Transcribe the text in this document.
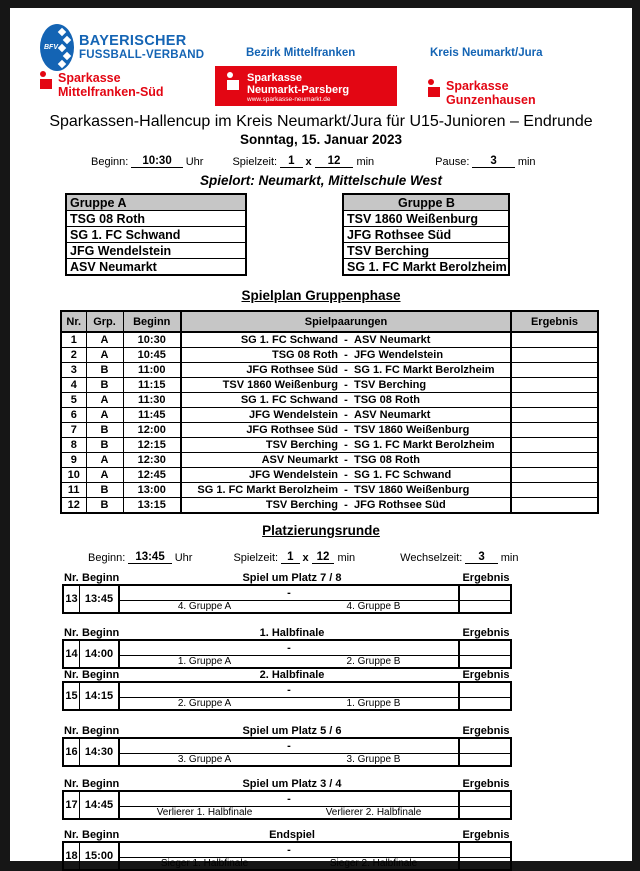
BFV BAYERISCHER
FUSSBALL-VERBAND	Bezirk Mittelfranken	Kreis Neumarkt/Jura
Sparkasse
Mittelfranken-Süd
Sparkasse
Neumarkt-Parsberg
www.sparkasse-neumarkt.de
Sparkasse
Gunzenhausen
Sparkassen-Hallencup im Kreis Neumarkt/Jura für U15-Junioren – Endrunde
Sonntag, 15. Januar 2023
Beginn:	10:30	Uhr	Spielzeit: 1	x	12	min	Pause:	3	min
Spielort: Neumarkt, Mittelschule West
Gruppe A
TSG 08 Roth
SG 1. FC Schwand
JFG Wendelstein
ASV Neumarkt
Gruppe B
TSV 1860 Weißenburg
JFG Rothsee Süd
TSV Berching
SG 1. FC Markt Berolzheim
Spielplan Gruppenphase
Nr.	Grp.	Beginn	Spielpaarungen	Ergebnis
1	A	10:30	SG 1. FC Schwand - ASV Neumarkt	

2	A	10:45	TSG 08 Roth - JFG Wendelstein	

3	B	11:00	JFG Rothsee Süd - SG 1. FC Markt Berolzheim	

4	B	11:15	TSV 1860 Weißenburg - TSV Berching	

5	A	11:30	SG 1. FC Schwand - TSG 08 Roth	

6	A	11:45	JFG Wendelstein - ASV Neumarkt	

7	B	12:00	JFG Rothsee Süd - TSV 1860 Weißenburg	

8	B	12:15	TSV Berching - SG 1. FC Markt Berolzheim	

9	A	12:30	ASV Neumarkt - TSG 08 Roth	

10	A	12:45	JFG Wendelstein - SG 1. FC Schwand	

11	B	13:00	SG 1. FC Markt Berolzheim - TSV 1860 Weißenburg	

12	B	13:15	TSV Berching - JFG Rothsee Süd	

Platzierungsrunde
Beginn: 13:45 Uhr	Spielzeit: 1 x 12 min	Wechselzeit:	3	min
Nr. Beginn	Spiel um Platz 7 / 8	Ergebnis
13 13:45	-
4. Gruppe A	4. Gruppe B
Nr. Beginn	1. Halbfinale	Ergebnis
14 14:00	-
1. Gruppe A	2. Gruppe B
Nr. Beginn	2. Halbfinale	Ergebnis
15 14:15	-
2. Gruppe A	1. Gruppe B
Nr. Beginn	Spiel um Platz 5 / 6	Ergebnis
16 14:30	-
3. Gruppe A	3. Gruppe B
Nr. Beginn	Spiel um Platz 3 / 4	Ergebnis
17 14:45	-
Verlierer 1. Halbfinale	Verlierer 2. Halbfinale
Nr. Beginn	Endspiel	Ergebnis
18 15:00	-
Sieger 1. Halbfinale	Sieger 2. Halbfinale
